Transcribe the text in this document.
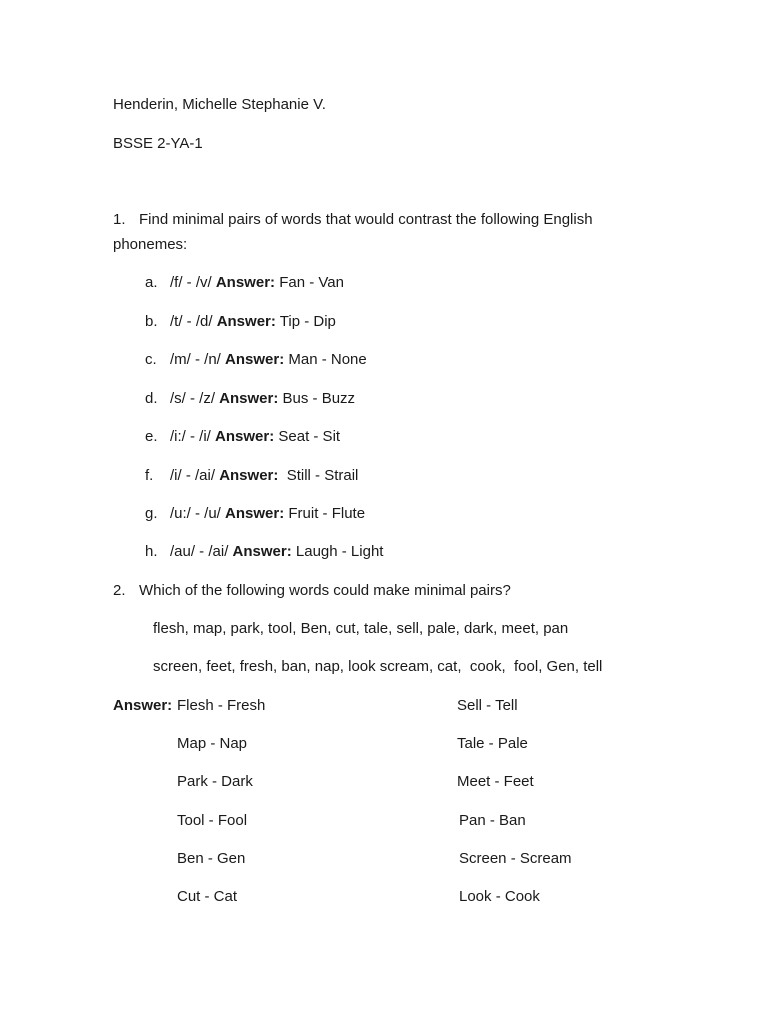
Henderin, Michelle Stephanie V.
BSSE 2-YA-1
1. Find minimal pairs of words that would contrast the following English
phonemes:
a. /f/ - /v/ Answer: Fan - Van
b. /t/ - /d/ Answer: Tip - Dip
c. /m/ - /n/ Answer: Man - None
d. /s/ - /z/ Answer: Bus - Buzz
e. /i:/ - /i/ Answer: Seat - Sit
f. /i/ - /ai/ Answer:  Still - Strail
g. /u:/ - /u/ Answer: Fruit - Flute
h. /au/ - /ai/ Answer: Laugh - Light
2. Which of the following words could make minimal pairs?
flesh, map, park, tool, Ben, cut, tale, sell, pale, dark, meet, pan
screen, feet, fresh, ban, nap, look scream, cat,  cook,  fool, Gen, tell
Answer: Flesh - Fresh
Map - Nap
Park - Dark
Tool - Fool
Ben - Gen
Cut - Cat
Sell - Tell
Tale - Pale
Meet - Feet
Pan - Ban
Screen - Scream
Look - Cook
